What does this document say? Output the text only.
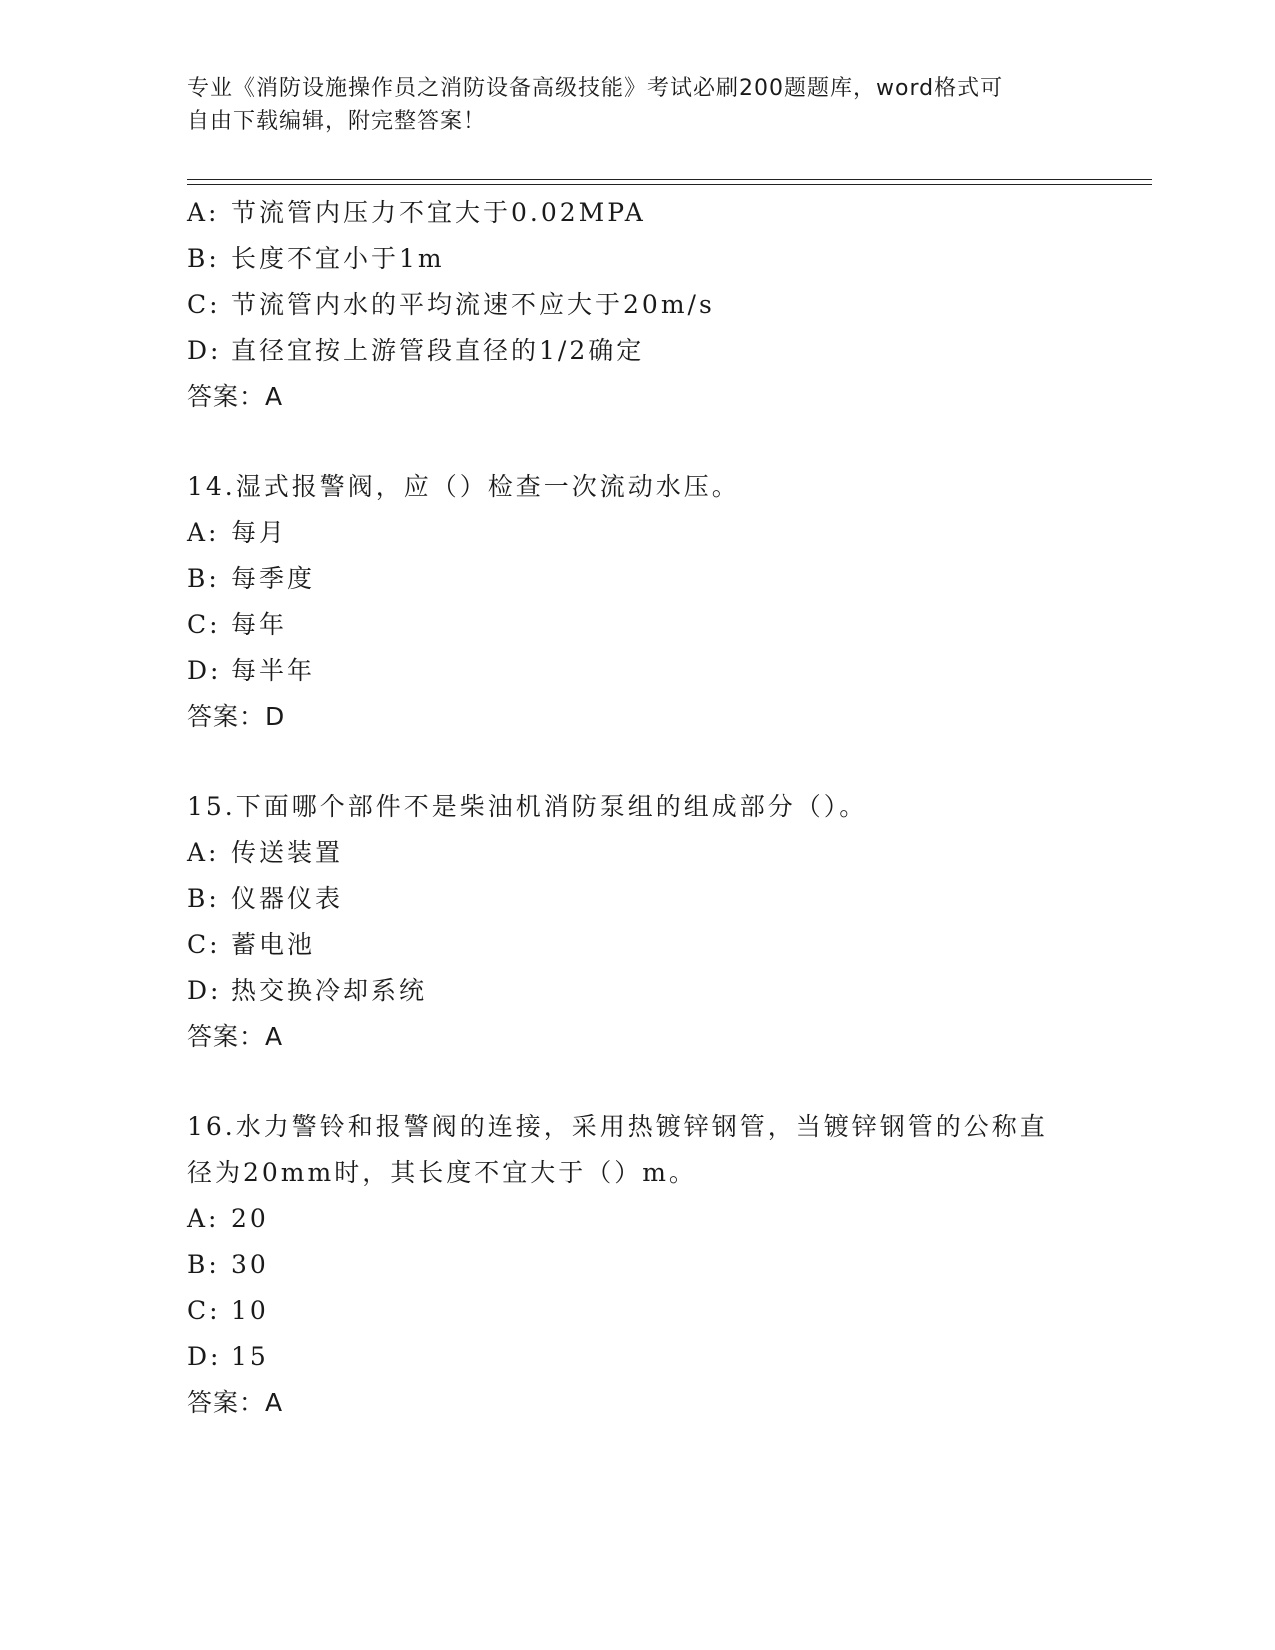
专业《消防设施操作员之消防设备高级技能》考试必刷200题题库，word格式可
自由下载编辑，附完整答案！
A: 节流管内压力不宜大于0.02MPA
B: 长度不宜小于1m
C: 节流管内水的平均流速不应大于20m/s
D: 直径宜按上游管段直径的1/2确定
答案：A
14.湿式报警阀，应（）检查一次流动水压。
A: 每月
B: 每季度
C: 每年
D: 每半年
答案：D
15.下面哪个部件不是柴油机消防泵组的组成部分（）。
A: 传送装置
B: 仪器仪表
C: 蓄电池
D: 热交换冷却系统
答案：A
16.水力警铃和报警阀的连接，采用热镀锌钢管，当镀锌钢管的公称直
径为20mm时，其长度不宜大于（）m。
A: 20
B: 30
C: 10
D: 15
答案：A
